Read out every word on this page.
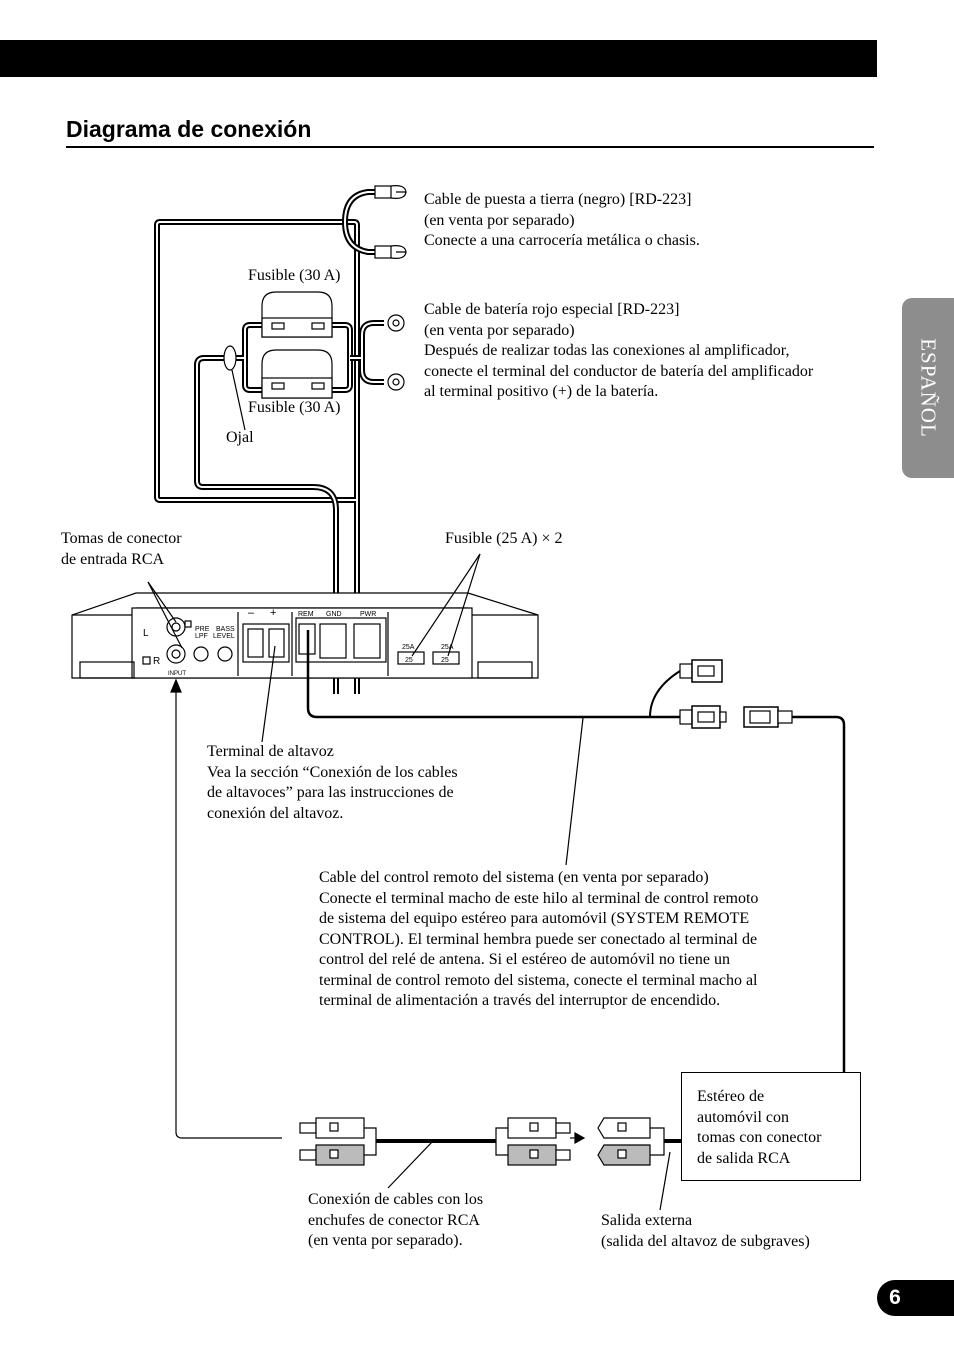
Diagrama de conexión
ESPAÑOL
6
L
R
INPUT
PRE
LPF
BASS
LEVEL
– +	REM GND	PWR
25A	25A
25	25
Cable de puesta a tierra (negro) [RD-223]
(en venta por separado)
Conecte a una carrocería metálica o chasis.
Fusible (30 A)
Fusible (30 A)
Cable de batería rojo especial [RD-223]
(en venta por separado)
Después de realizar todas las conexiones al amplificador,
conecte el terminal del conductor de batería del amplificador
al terminal positivo (+) de la batería.
Ojal
Tomas de conector
de entrada RCA
Fusible (25 A) × 2
Terminal de altavoz
Vea la sección “Conexión de los cables
de altavoces” para las instrucciones de
conexión del altavoz.
Cable del control remoto del sistema (en venta por separado)
Conecte el terminal macho de este hilo al terminal de control remoto
de sistema del equipo estéreo para automóvil (SYSTEM REMOTE
CONTROL). El terminal hembra puede ser conectado al terminal de
control del relé de antena. Si el estéreo de automóvil no tiene un
terminal de control remoto del sistema, conecte el terminal macho al
terminal de alimentación a través del interruptor de encendido.
Estéreo de
automóvil con
tomas con conector
de salida RCA
Conexión de cables con los
enchufes de conector RCA
(en venta por separado).
Salida externa
(salida del altavoz de subgraves)
